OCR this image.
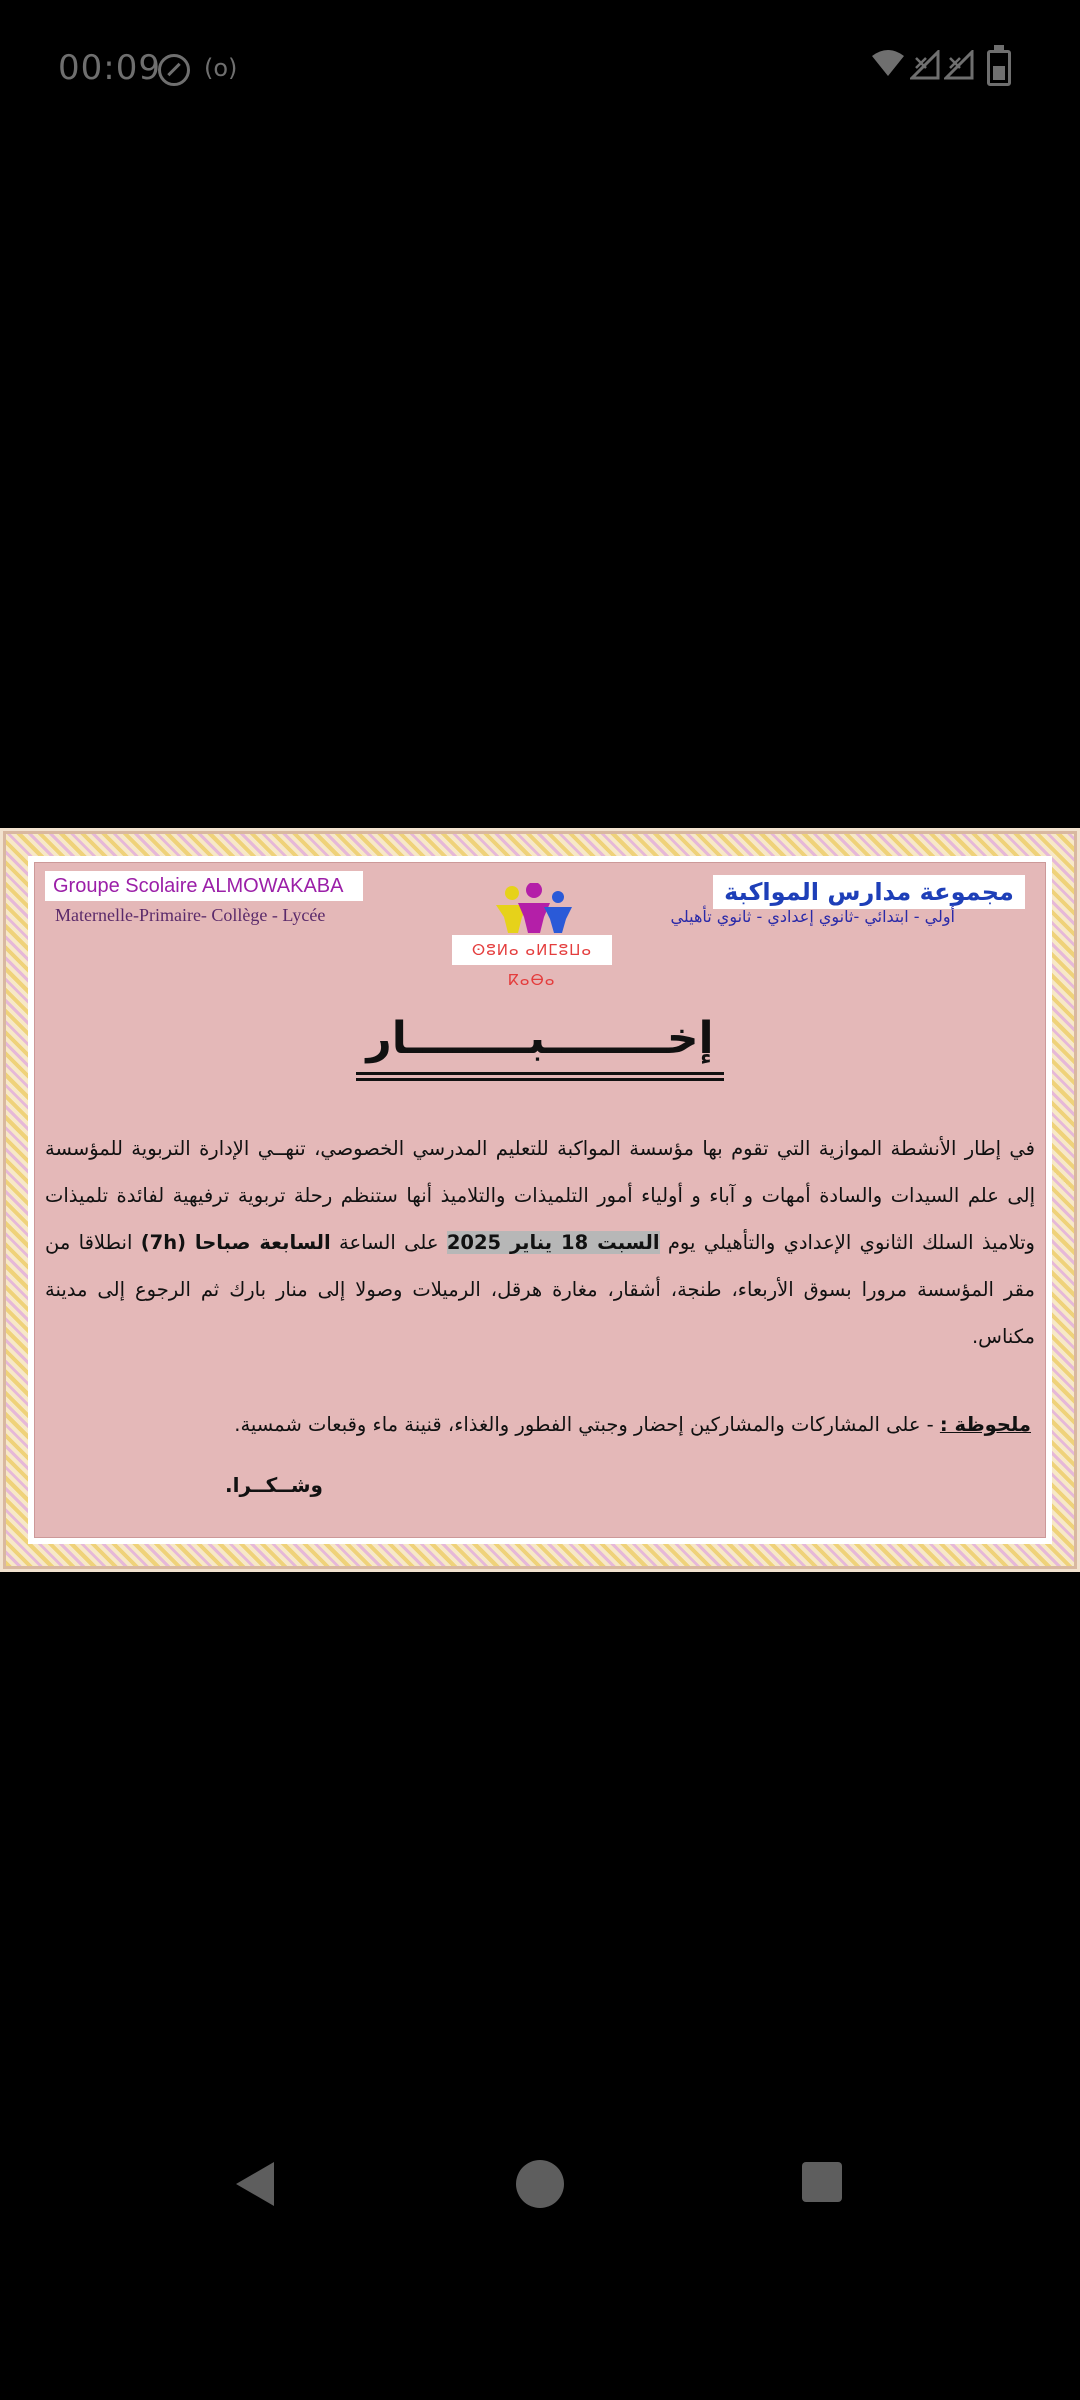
00:09 (o)
Groupe Scolaire ALMOWAKABA
Maternelle-Primaire- Collège - Lycée
ⵙⵓⵍⴰ ⴰⵍⵎⵓⵡⴰ ⴽⴰⴱⴰ
مجموعة مدارس المواكبة
أولي - ابتدائي -ثانوي إعدادي - ثانوي تأهيلي
إخــــــــبــــــــار

في إطار الأنشطة الموازية التي تقوم بها مؤسسة المواكبة للتعليم المدرسي الخصوصي، تنهــي الإدارة التربوية للمؤسسة إلى علم السيدات والسادة أمهات و آباء و أولياء أمور التلميذات والتلاميذ أنها ستنظم رحلة تربوية ترفيهية لفائدة تلميذات وتلاميذ السلك الثانوي الإعدادي والتأهيلي يوم السبت 18 يناير 2025 على الساعة السابعة صباحا (7h) انطلاقا من مقر المؤسسة مرورا بسوق الأربعاء، طنجة، أشقار، مغارة هرقل، الرميلات وصولا إلى منار بارك ثم الرجوع إلى مدينة مكناس.

ملحوظة : - على المشاركات والمشاركين إحضار وجبتي الفطور والغذاء، قنينة ماء وقبعات شمسية.
وشــكــرا.
